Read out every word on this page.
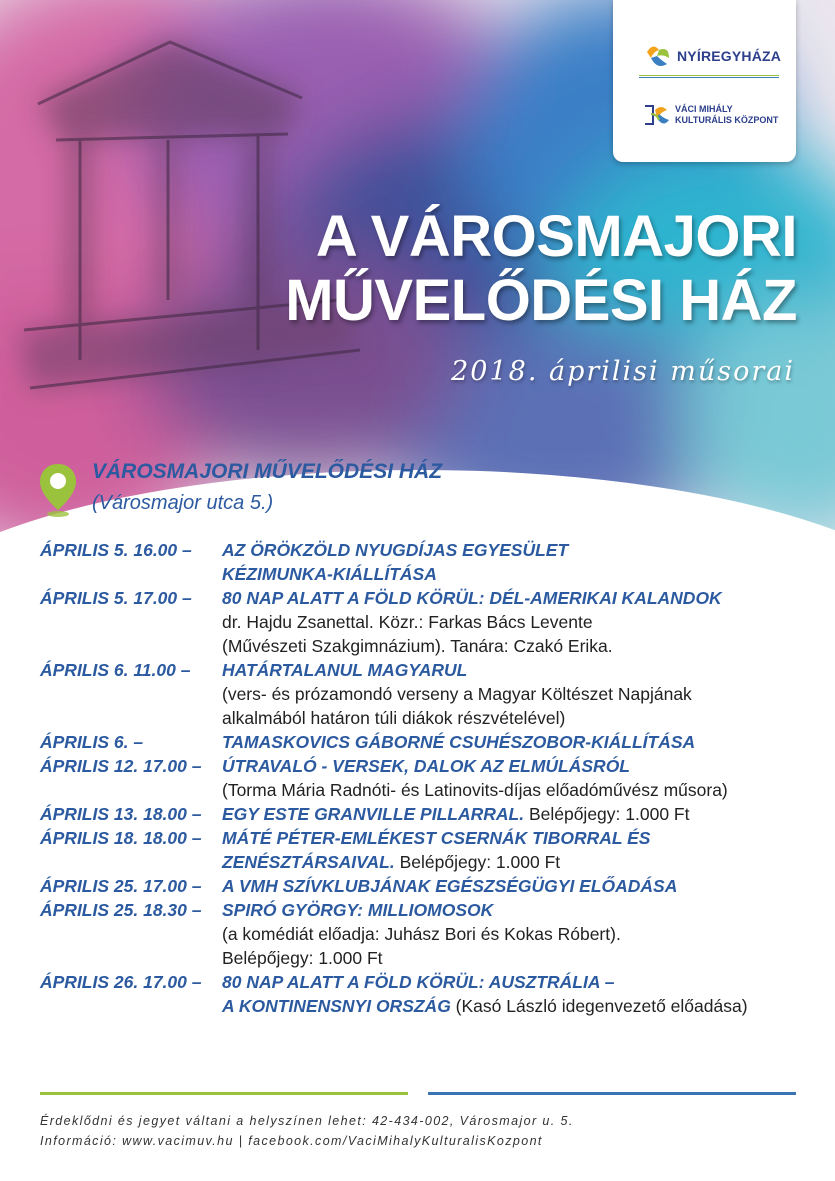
NYÍREGYHÁZA
VÁCI MIHÁLY
KULTURÁLIS KÖZPONT
A VÁROSMAJORI
MŰVELŐDÉSI HÁZ
2018. áprilisi műsorai
VÁROSMAJORI MŰVELŐDÉSI HÁZ
(Városmajor utca 5.)
ÁPRILIS 5. 16.00 – AZ ÖRÖKZÖLD NYUGDÍJAS EGYESÜLET
KÉZIMUNKA-KIÁLLÍTÁSA
ÁPRILIS 5. 17.00 – 80 NAP ALATT A FÖLD KÖRÜL: DÉL-AMERIKAI KALANDOK
dr. Hajdu Zsanettal. Közr.: Farkas Bács Levente
(Művészeti Szakgimnázium). Tanára: Czakó Erika.
ÁPRILIS 6. 11.00 – HATÁRTALANUL MAGYARUL
(vers- és prózamondó verseny a Magyar Költészet Napjának
alkalmából határon túli diákok részvételével)
ÁPRILIS 6. –	TAMASKOVICS GÁBORNÉ CSUHÉSZOBOR-KIÁLLÍTÁSA
ÁPRILIS 12. 17.00 – ÚTRAVALÓ - VERSEK, DALOK AZ ELMÚLÁSRÓL
(Torma Mária Radnóti- és Latinovits-díjas előadóművész műsora)
ÁPRILIS 13. 18.00 – EGY ESTE GRANVILLE PILLARRAL. Belépőjegy: 1.000 Ft
ÁPRILIS 18. 18.00 – MÁTÉ PÉTER-EMLÉKEST CSERNÁK TIBORRAL ÉS
ZENÉSZTÁRSAIVAL. Belépőjegy: 1.000 Ft
ÁPRILIS 25. 17.00 – A VMH SZÍVKLUBJÁNAK EGÉSZSÉGÜGYI ELŐADÁSA
ÁPRILIS 25. 18.30 – SPIRÓ GYÖRGY: MILLIOMOSOK
(a komédiát előadja: Juhász Bori és Kokas Róbert).
Belépőjegy: 1.000 Ft
ÁPRILIS 26. 17.00 – 80 NAP ALATT A FÖLD KÖRÜL: AUSZTRÁLIA –
A KONTINENSNYI ORSZÁG (Kasó László idegenvezető előadása)
Érdeklődni és jegyet váltani a helyszínen lehet: 42-434-002, Városmajor u. 5.
Információ: www.vacimuv.hu | facebook.com/VaciMihalyKulturalisKozpont
